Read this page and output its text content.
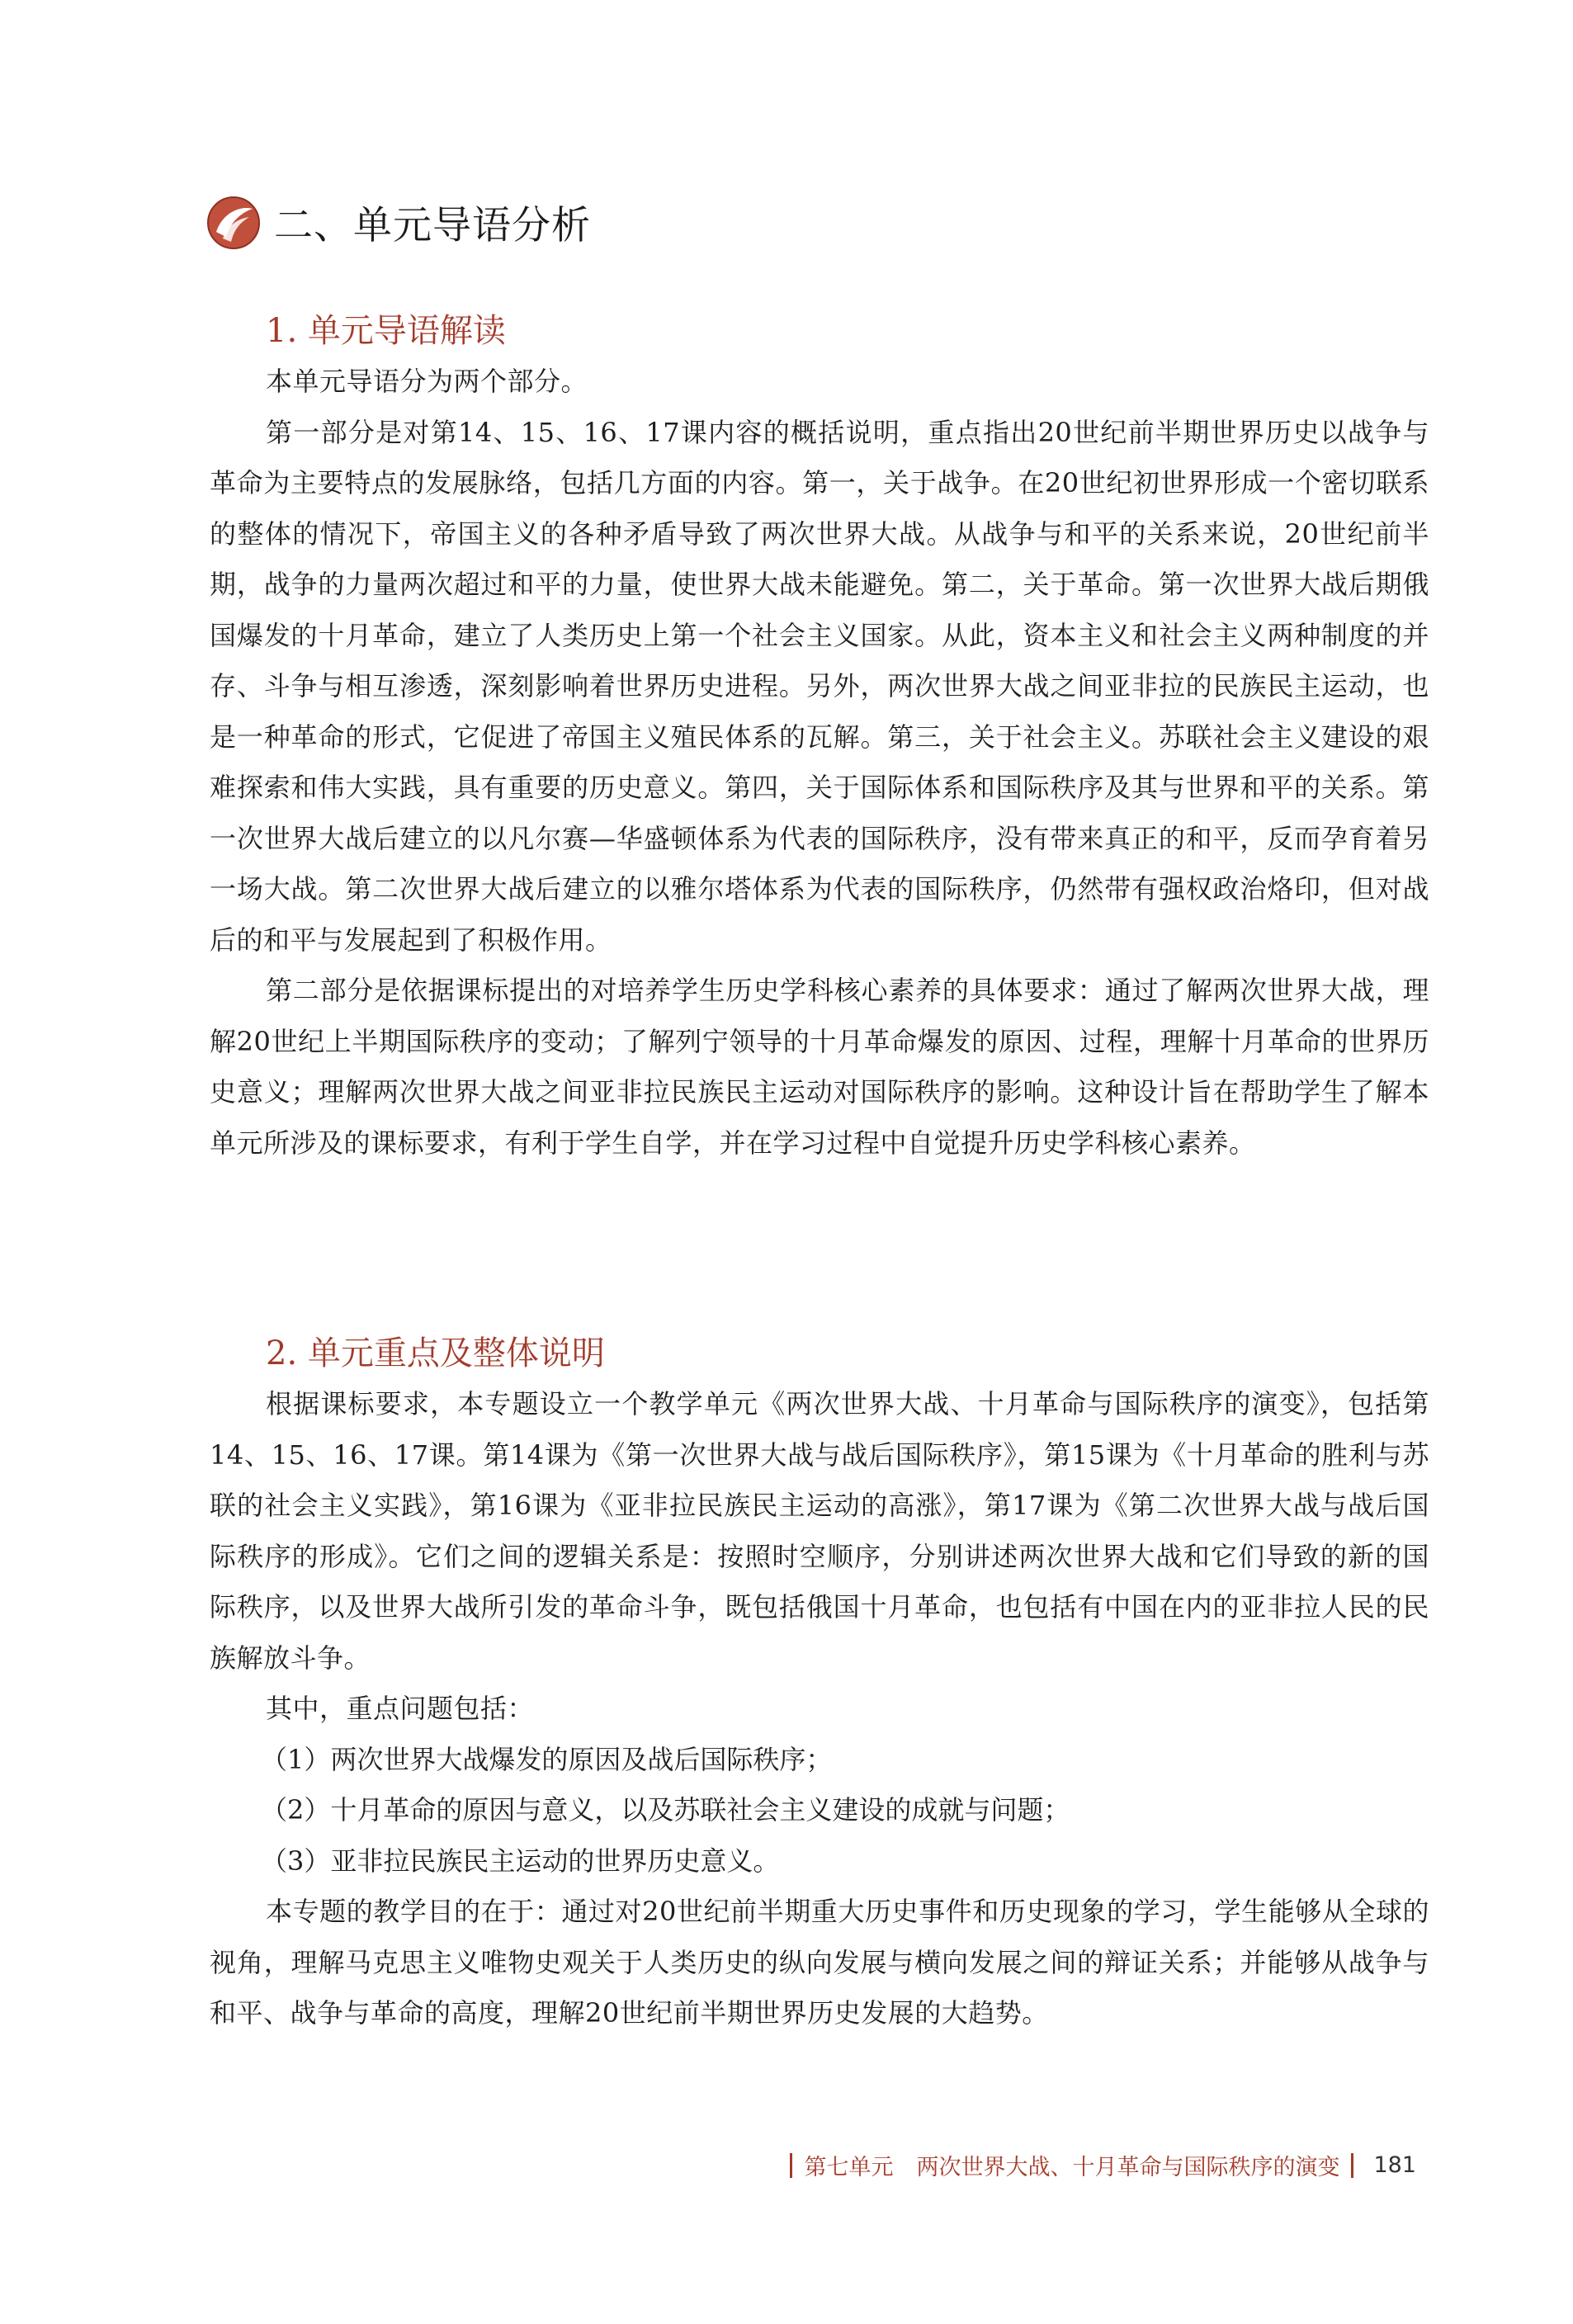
二、单元导语分析
1. 单元导语解读

本单元导语分为两个部分。

第一部分是对第14、15、16、17课内容的概括说明，重点指出20世纪前半期世界历史以战争与革命为主要特点的发展脉络，包括几方面的内容。第一，关于战争。在20世纪初世界形成一个密切联系的整体的情况下，帝国主义的各种矛盾导致了两次世界大战。从战争与和平的关系来说，20世纪前半期，战争的力量两次超过和平的力量，使世界大战未能避免。第二，关于革命。第一次世界大战后期俄国爆发的十月革命，建立了人类历史上第一个社会主义国家。从此，资本主义和社会主义两种制度的并存、斗争与相互渗透，深刻影响着世界历史进程。另外，两次世界大战之间亚非拉的民族民主运动，也是一种革命的形式，它促进了帝国主义殖民体系的瓦解。第三，关于社会主义。苏联社会主义建设的艰难探索和伟大实践，具有重要的历史意义。第四，关于国际体系和国际秩序及其与世界和平的关系。第一次世界大战后建立的以凡尔赛—华盛顿体系为代表的国际秩序，没有带来真正的和平，反而孕育着另一场大战。第二次世界大战后建立的以雅尔塔体系为代表的国际秩序，仍然带有强权政治烙印，但对战后的和平与发展起到了积极作用。

第二部分是依据课标提出的对培养学生历史学科核心素养的具体要求：通过了解两次世界大战，理解20世纪上半期国际秩序的变动；了解列宁领导的十月革命爆发的原因、过程，理解十月革命的世界历史意义；理解两次世界大战之间亚非拉民族民主运动对国际秩序的影响。这种设计旨在帮助学生了解本单元所涉及的课标要求，有利于学生自学，并在学习过程中自觉提升历史学科核心素养。

2. 单元重点及整体说明

根据课标要求，本专题设立一个教学单元《两次世界大战、十月革命与国际秩序的演变》，包括第14、15、16、17课。第14课为《第一次世界大战与战后国际秩序》，第15课为《十月革命的胜利与苏联的社会主义实践》，第16课为《亚非拉民族民主运动的高涨》，第17课为《第二次世界大战与战后国际秩序的形成》。它们之间的逻辑关系是：按照时空顺序，分别讲述两次世界大战和它们导致的新的国际秩序，以及世界大战所引发的革命斗争，既包括俄国十月革命，也包括有中国在内的亚非拉人民的民族解放斗争。

其中，重点问题包括：

（1）两次世界大战爆发的原因及战后国际秩序；

（2）十月革命的原因与意义，以及苏联社会主义建设的成就与问题；

（3）亚非拉民族民主运动的世界历史意义。

本专题的教学目的在于：通过对20世纪前半期重大历史事件和历史现象的学习，学生能够从全球的视角，理解马克思主义唯物史观关于人类历史的纵向发展与横向发展之间的辩证关系；并能够从战争与和平、战争与革命的高度，理解20世纪前半期世界历史发展的大趋势。

第七单元 两次世界大战、十月革命与国际秩序的演变 181
